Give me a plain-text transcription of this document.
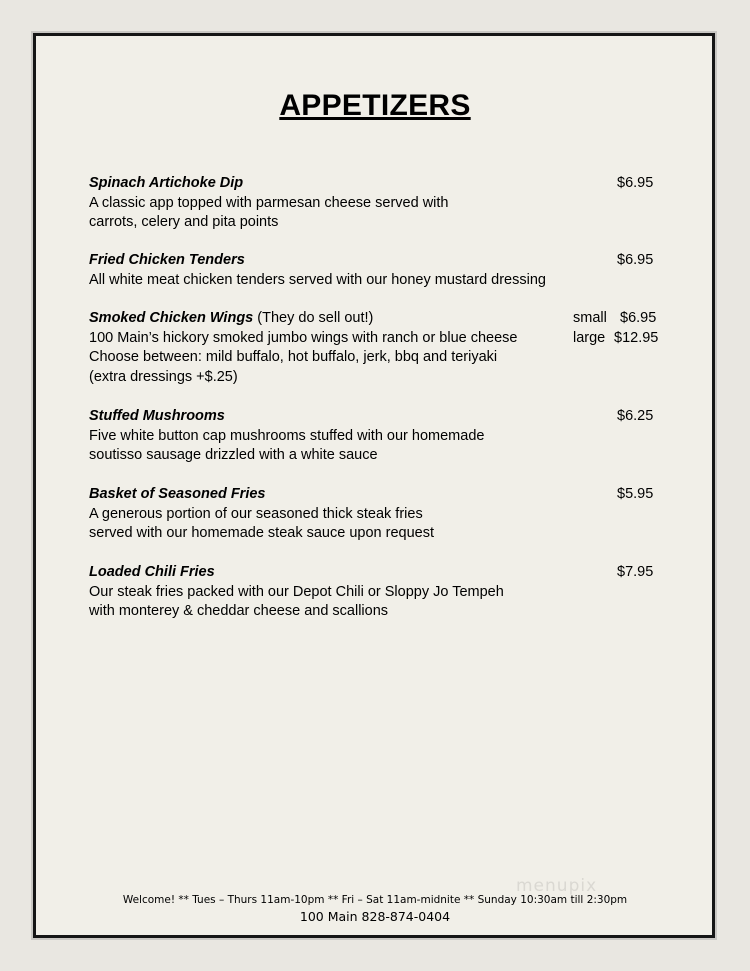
APPETIZERS
Spinach Artichoke Dip
A classic app topped with parmesan cheese served with
carrots, celery and pita points
$6.95
Fried Chicken Tenders
All white meat chicken tenders served with our honey mustard dressing
$6.95
Smoked Chicken Wings (They do sell out!)
100 Main’s hickory smoked jumbo wings with ranch or blue cheese
Choose between: mild buffalo, hot buffalo, jerk, bbq and teriyaki
(extra dressings +$.25)
small $6.95
large $12.95
Stuffed Mushrooms
Five white button cap mushrooms stuffed with our homemade
soutisso sausage drizzled with a white sauce
$6.25
Basket of Seasoned Fries
A generous portion of our seasoned thick steak fries
served with our homemade steak sauce upon request
$5.95
Loaded Chili Fries
Our steak fries packed with our Depot Chili or Sloppy Jo Tempeh
with monterey & cheddar cheese and scallions
$7.95
menupix
Welcome! ** Tues – Thurs 11am-10pm ** Fri – Sat 11am-midnite ** Sunday 10:30am till 2:30pm
100 Main 828-874-0404
